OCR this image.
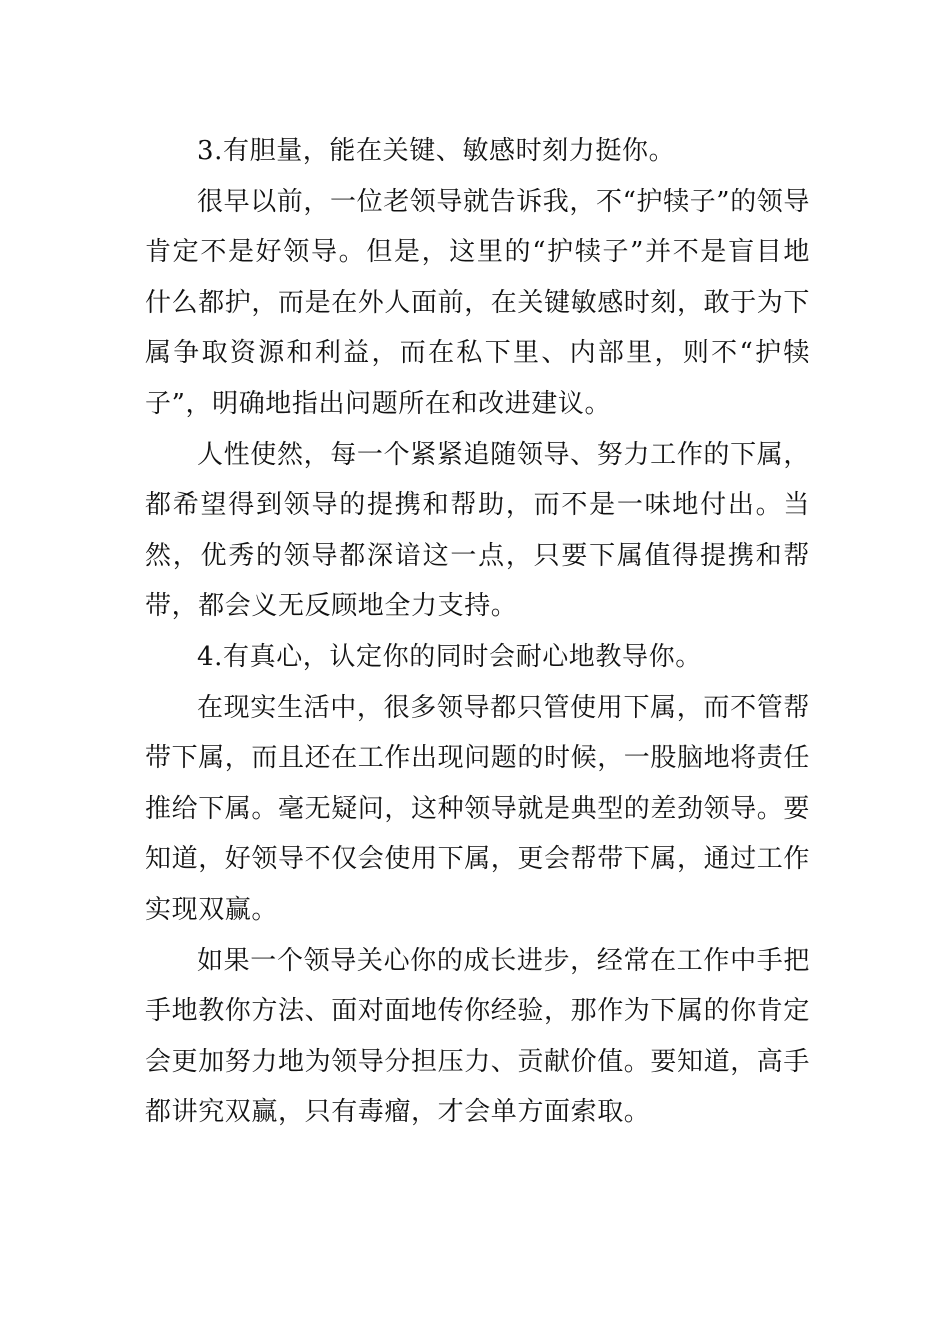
3.有胆量，能在关键、敏感时刻力挺你。

很早以前，一位老领导就告诉我，不“护犊子”的领导肯定不是好领导。但是，这里的“护犊子”并不是盲目地什么都护，而是在外人面前，在关键敏感时刻，敢于为下属争取资源和利益，而在私下里、内部里，则不“护犊子”，明确地指出问题所在和改进建议。

人性使然，每一个紧紧追随领导、努力工作的下属，都希望得到领导的提携和帮助，而不是一味地付出。当然，优秀的领导都深谙这一点，只要下属值得提携和帮带，都会义无反顾地全力支持。

4.有真心，认定你的同时会耐心地教导你。

在现实生活中，很多领导都只管使用下属，而不管帮带下属，而且还在工作出现问题的时候，一股脑地将责任推给下属。毫无疑问，这种领导就是典型的差劲领导。要知道，好领导不仅会使用下属，更会帮带下属，通过工作实现双赢。

如果一个领导关心你的成长进步，经常在工作中手把手地教你方法、面对面地传你经验，那作为下属的你肯定会更加努力地为领导分担压力、贡献价值。要知道，高手都讲究双赢，只有毒瘤，才会单方面索取。
